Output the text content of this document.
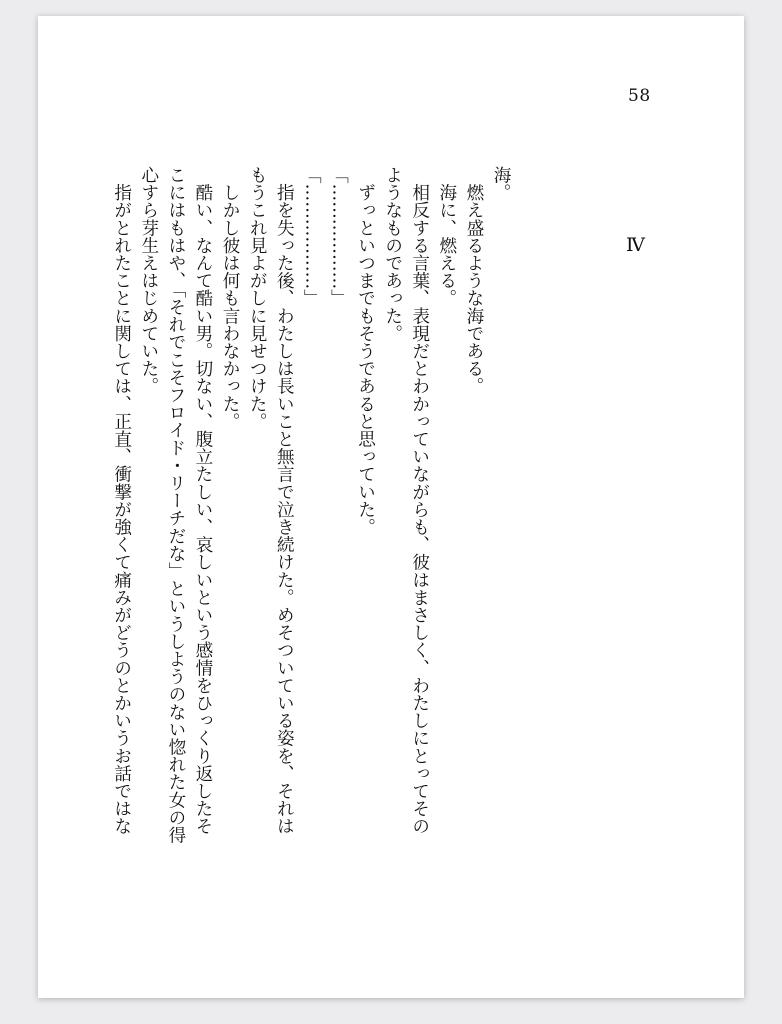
58
Ⅳ
海。
　燃え盛るような海である。
　海に、燃える。
　相反する言葉、表現だとわかっていながらも、彼はまさしく、わたしにとってその
ようなものであった。
　ずっといつまでもそうであると思っていた。
「………………」
「………………」
　指を失った後、わたしは長いこと無言で泣き続けた。めそついている姿を、それは
もうこれ見よがしに見せつけた。
　しかし彼は何も言わなかった。
　酷い、なんて酷い男。切ない、腹立たしい、哀しいという感情をひっくり返したそ
こにはもはや、「それでこそフロイド・リーチだな」というしようのない惚れた女の得
心すら芽生えはじめていた。
　指がとれたことに関しては、正直、衝撃が強くて痛みがどうのとかいうお話ではな
